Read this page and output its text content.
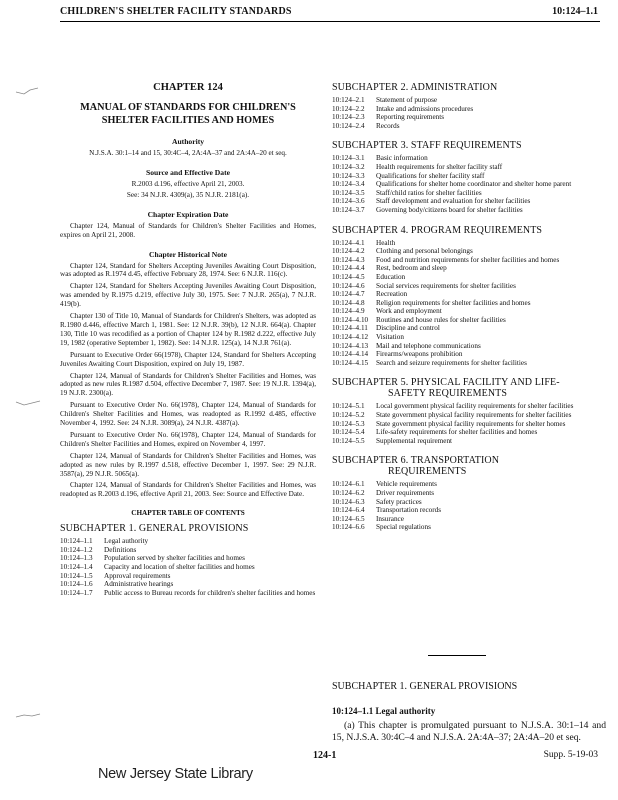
CHILDREN'S SHELTER FACILITY STANDARDS	10:124–1.1
CHAPTER 124
MANUAL OF STANDARDS FOR CHILDREN'S
SHELTER FACILITIES AND HOMES
Authority
N.J.S.A. 30:1–14 and 15, 30:4C–4, 2A:4A–37 and 2A:4A–20 et seq.
Source and Effective Date
R.2003 d.196, effective April 21, 2003.
See: 34 N.J.R. 4309(a), 35 N.J.R. 2181(a).
Chapter Expiration Date
Chapter 124, Manual of Standards for Children's Shelter Facilities and Homes, expires on April 21, 2008.
Chapter Historical Note
Chapter 124, Standard for Shelters Accepting Juveniles Awaiting Court Disposition, was adopted as R.1974 d.45, effective February 28, 1974. See: 6 N.J.R. 116(c).
Chapter 124, Standard for Shelters Accepting Juveniles Awaiting Court Disposition, was amended by R.1975 d.219, effective July 30, 1975. See: 7 N.J.R. 265(a), 7 N.J.R. 419(b).
Chapter 130 of Title 10, Manual of Standards for Children's Shelters, was adopted as R.1980 d.446, effective March 1, 1981. See: 12 N.J.R. 39(b), 12 N.J.R. 664(a). Chapter 130, Title 10 was recodified as a portion of Chapter 124 by R.1982 d.222, effective July 19, 1982 (operative September 1, 1982). See: 14 N.J.R. 125(a), 14 N.J.R 761(a).
Pursuant to Executive Order 66(1978), Chapter 124, Standard for Shelters Accepting Juveniles Awaiting Court Disposition, expired on July 19, 1987.
Chapter 124, Manual of Standards for Children's Shelter Facilities and Homes, was adopted as new rules R.1987 d.504, effective December 7, 1987. See: 19 N.J.R. 1394(a), 19 N.J.R. 2300(a).
Pursuant to Executive Order No. 66(1978), Chapter 124, Manual of Standards for Children's Shelter Facilities and Homes, was readopted as R.1992 d.485, effective November 4, 1992. See: 24 N.J.R. 3089(a), 24 N.J.R. 4387(a).
Pursuant to Executive Order No. 66(1978), Chapter 124, Manual of Standards for Children's Shelter Facilities and Homes, expired on November 4, 1997.
Chapter 124, Manual of Standards for Children's Shelter Facilities and Homes, was adopted as new rules by R.1997 d.518, effective December 1, 1997. See: 29 N.J.R. 3587(a), 29 N.J.R. 5065(a).
Chapter 124, Manual of Standards for Children's Shelter Facilities and Homes, was readopted as R.2003 d.196, effective April 21, 2003. See: Source and Effective Date.
CHAPTER TABLE OF CONTENTS
SUBCHAPTER 1. GENERAL PROVISIONS
10:124–1.1	Legal authority
10:124–1.2	Definitions
10:124–1.3	Population served by shelter facilities and homes
10:124–1.4	Capacity and location of shelter facilities and homes
10:124–1.5	Approval requirements
10:124–1.6	Administrative hearings
10:124–1.7	Public access to Bureau records for children's shelter facilities and homes
SUBCHAPTER 2. ADMINISTRATION
10:124–2.1	Statement of purpose
10:124–2.2	Intake and admissions procedures
10:124–2.3	Reporting requirements
10:124–2.4	Records
SUBCHAPTER 3. STAFF REQUIREMENTS
10:124–3.1	Basic information
10:124–3.2	Health requirements for shelter facility staff
10:124–3.3	Qualifications for shelter facility staff
10:124–3.4	Qualifications for shelter home coordinator and shelter home parent
10:124–3.5	Staff/child ratios for shelter facilities
10:124–3.6	Staff development and evaluation for shelter facilities
10:124–3.7	Governing body/citizens board for shelter facilities
SUBCHAPTER 4. PROGRAM REQUIREMENTS
10:124–4.1	Health
10:124–4.2	Clothing and personal belongings
10:124–4.3	Food and nutrition requirements for shelter facilities and homes
10:124–4.4	Rest, bedroom and sleep
10:124–4.5	Education
10:124–4.6	Social services requirements for shelter facilities
10:124–4.7	Recreation
10:124–4.8	Religion requirements for shelter facilities and homes
10:124–4.9	Work and employment
10:124–4.10	Routines and house rules for shelter facilities
10:124–4.11	Discipline and control
10:124–4.12	Visitation
10:124–4.13	Mail and telephone communications
10:124–4.14	Firearms/weapons prohibition
10:124–4.15	Search and seizure requirements for shelter facilities
SUBCHAPTER 5. PHYSICAL FACILITY AND LIFE-
SAFETY REQUIREMENTS
10:124–5.1	Local government physical facility requirements for shelter facilities
10:124–5.2	State government physical facility requirements for shelter facilities
10:124–5.3	State government physical facility requirements for shelter homes
10:124–5.4	Life-safety requirements for shelter facilities and homes
10:124–5.5	Supplemental requirement
SUBCHAPTER 6. TRANSPORTATION
REQUIREMENTS
10:124–6.1	Vehicle requirements
10:124–6.2	Driver requirements
10:124–6.3	Safety practices
10:124–6.4	Transportation records
10:124–6.5	Insurance
10:124–6.6	Special regulations
SUBCHAPTER 1. GENERAL PROVISIONS
10:124–1.1 Legal authority
(a) This chapter is promulgated pursuant to N.J.S.A. 30:1–14 and 15, N.J.S.A. 30:4C–4 and N.J.S.A. 2A:4A–37; 2A:4A–20 et seq.
124-1	Supp. 5-19-03
New Jersey State Library
